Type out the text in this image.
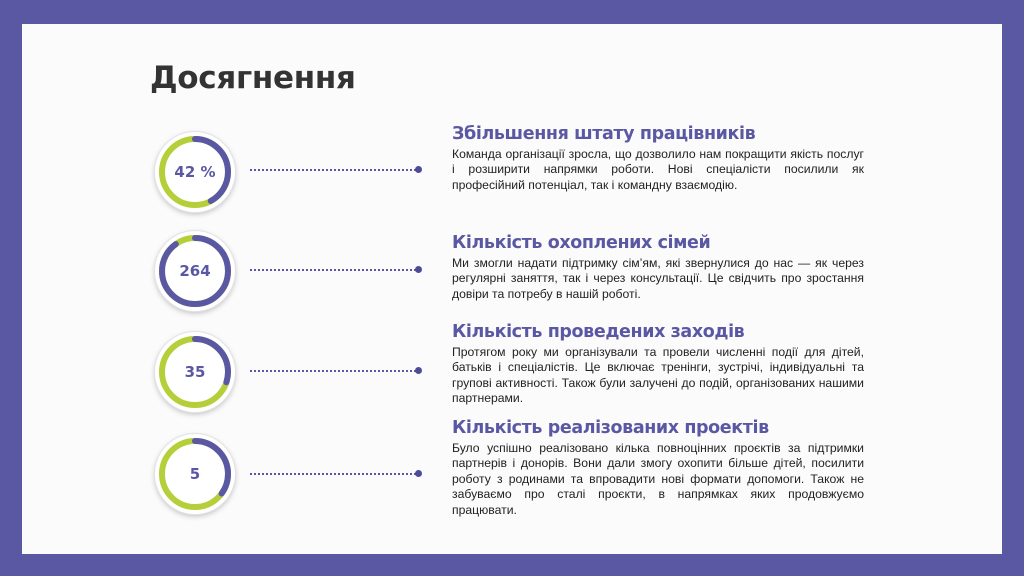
Досягнення
42 %
Збільшення штату працівників

Команда організації зросла, що дозволило нам покращити якість послуг і розширити напрямки роботи. Нові спеціалісти посилили як професійний потенціал, так і командну взаємодію.

264
Кількість охоплених сімей

Ми змогли надати підтримку сім’ям, які звернулися до нас — як через регулярні заняття, так і через консультації. Це свідчить про зростання довіри та потребу в нашій роботі.

35
Кількість проведених заходів

Протягом року ми організували та провели численні події для дітей, батьків і спеціалістів. Це включає тренінги, зустрічі, індивідуальні та групові активності. Також були залучені до подій, організованих нашими партнерами.

5
Кількість реалізованих проектів

Було успішно реалізовано кілька повноцінних проєктів за підтримки партнерів і донорів. Вони дали змогу охопити більше дітей, посилити роботу з родинами та впровадити нові формати допомоги. Також не забуваємо про сталі проєкти, в напрямках яких продовжуємо працювати.
